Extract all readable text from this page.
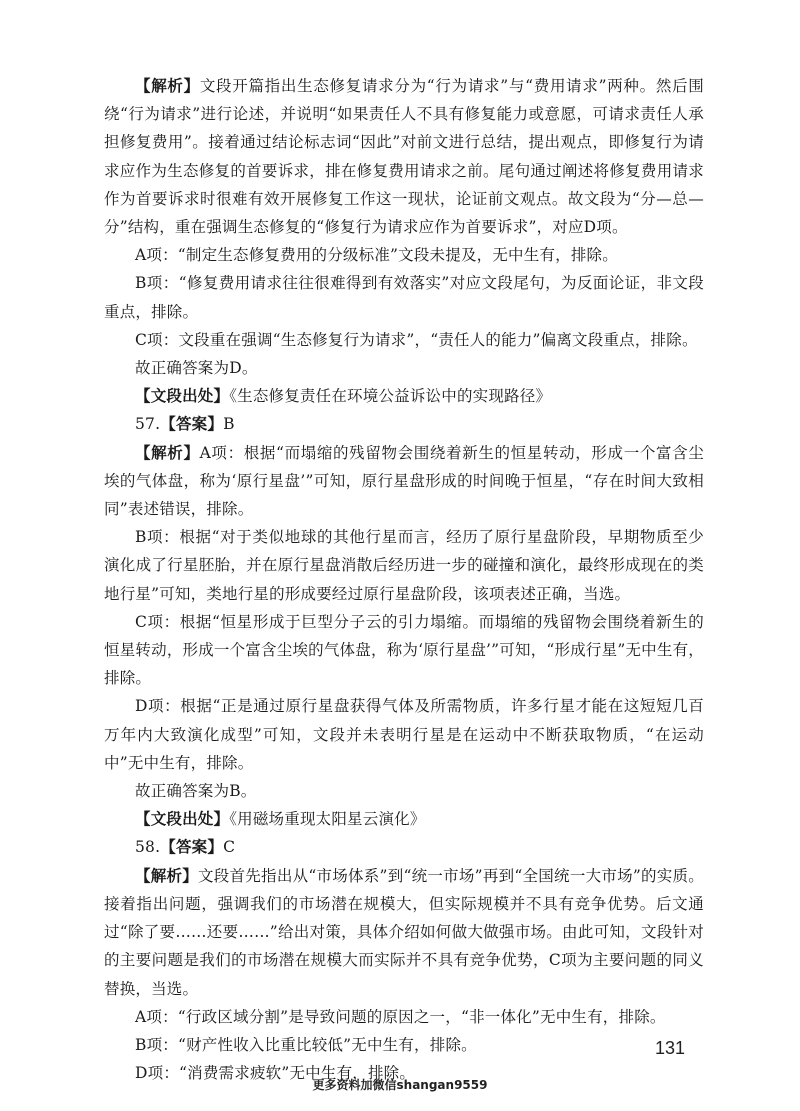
【解析】文段开篇指出生态修复请求分为“行为请求”与“费用请求”两种。然后围绕“行为请求”进行论述，并说明“如果责任人不具有修复能力或意愿，可请求责任人承担修复费用”。接着通过结论标志词“因此”对前文进行总结，提出观点，即修复行为请求应作为生态修复的首要诉求，排在修复费用请求之前。尾句通过阐述将修复费用请求作为首要诉求时很难有效开展修复工作这一现状，论证前文观点。故文段为“分—总—分”结构，重在强调生态修复的“修复行为请求应作为首要诉求”，对应D项。

A项：“制定生态修复费用的分级标准”文段未提及，无中生有，排除。

B项：“修复费用请求往往很难得到有效落实”对应文段尾句，为反面论证，非文段重点，排除。

C项：文段重在强调“生态修复行为请求”，“责任人的能力”偏离文段重点，排除。

故正确答案为D。

【文段出处】《生态修复责任在环境公益诉讼中的实现路径》

57.【答案】B

【解析】A项：根据“而塌缩的残留物会围绕着新生的恒星转动，形成一个富含尘埃的气体盘，称为‘原行星盘’”可知，原行星盘形成的时间晚于恒星，“存在时间大致相同”表述错误，排除。

B项：根据“对于类似地球的其他行星而言，经历了原行星盘阶段，早期物质至少演化成了行星胚胎，并在原行星盘消散后经历进一步的碰撞和演化，最终形成现在的类地行星”可知，类地行星的形成要经过原行星盘阶段，该项表述正确，当选。

C项：根据“恒星形成于巨型分子云的引力塌缩。而塌缩的残留物会围绕着新生的恒星转动，形成一个富含尘埃的气体盘，称为‘原行星盘’”可知，“形成行星”无中生有，排除。

D项：根据“正是通过原行星盘获得气体及所需物质，许多行星才能在这短短几百万年内大致演化成型”可知，文段并未表明行星是在运动中不断获取物质，“在运动中”无中生有，排除。

故正确答案为B。

【文段出处】《用磁场重现太阳星云演化》

58.【答案】C

【解析】文段首先指出从“市场体系”到“统一市场”再到“全国统一大市场”的实质。接着指出问题，强调我们的市场潜在规模大，但实际规模并不具有竞争优势。后文通过“除了要……还要……”给出对策，具体介绍如何做大做强市场。由此可知，文段针对的主要问题是我们的市场潜在规模大而实际并不具有竞争优势，C项为主要问题的同义替换，当选。

A项：“行政区域分割”是导致问题的原因之一，“非一体化”无中生有，排除。

B项：“财产性收入比重比较低”无中生有，排除。

D项：“消费需求疲软”无中生有，排除。

131
更多资料加微信shangan9559
